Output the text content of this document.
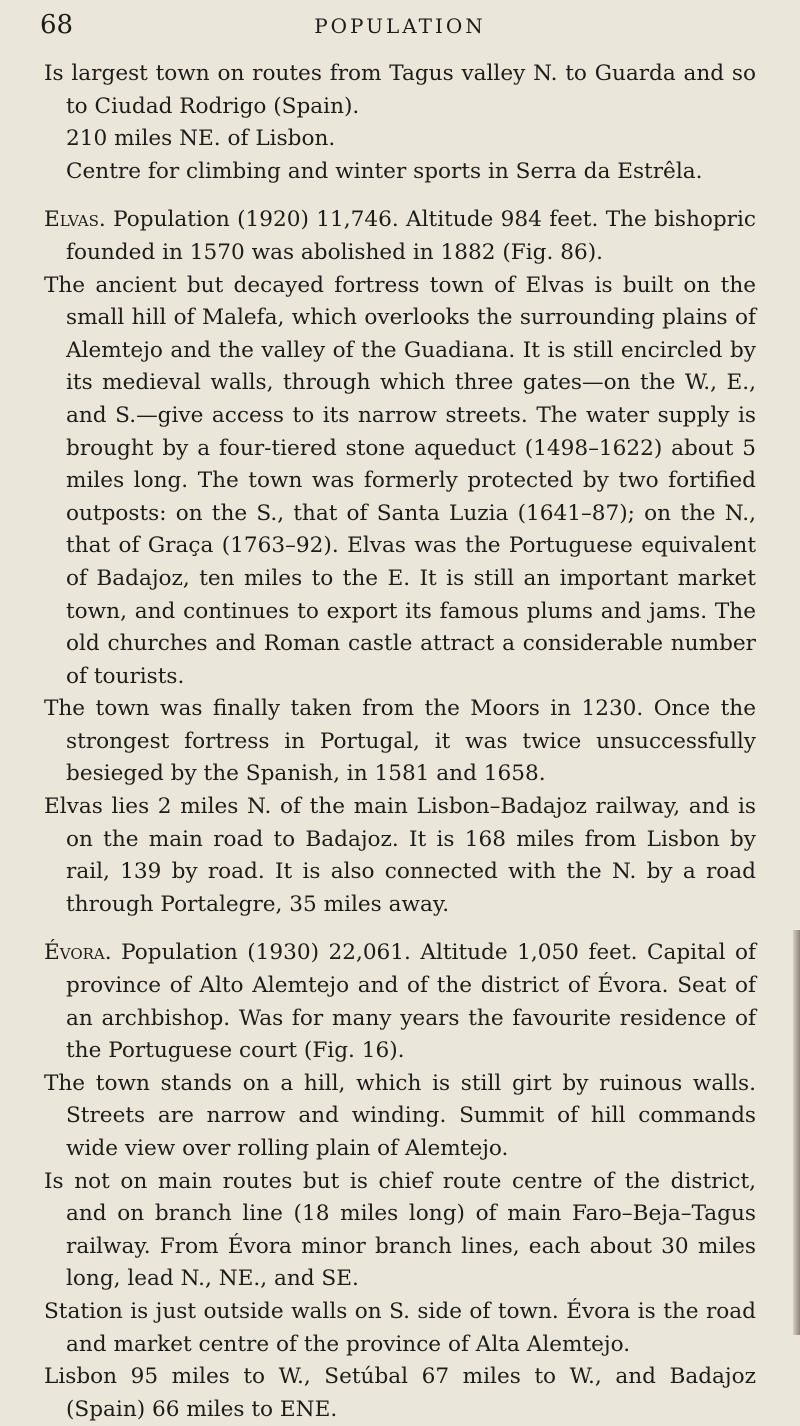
68	POPULATION

Is largest town on routes from Tagus valley N. to Guarda and so to Ciudad Rodrigo (Spain).

210 miles NE. of Lisbon.

Centre for climbing and winter sports in Serra da Estrêla.

Elvas. Population (1920) 11,746. Altitude 984 feet. The bishopric founded in 1570 was abolished in 1882 (Fig. 86).

The ancient but decayed fortress town of Elvas is built on the small hill of Malefa, which overlooks the surrounding plains of Alemtejo and the valley of the Guadiana. It is still encircled by its medieval walls, through which three gates—on the W., E., and S.—give access to its narrow streets. The water supply is brought by a four-tiered stone aqueduct (1498–1622) about 5 miles long. The town was formerly protected by two fortified outposts: on the S., that of Santa Luzia (1641–87); on the N., that of Graça (1763–92). Elvas was the Portuguese equivalent of Badajoz, ten miles to the E. It is still an important market town, and continues to export its famous plums and jams. The old churches and Roman castle attract a considerable number of tourists.

The town was finally taken from the Moors in 1230. Once the strongest fortress in Portugal, it was twice unsuccessfully besieged by the Spanish, in 1581 and 1658.

Elvas lies 2 miles N. of the main Lisbon–Badajoz railway, and is on the main road to Badajoz. It is 168 miles from Lisbon by rail, 139 by road. It is also connected with the N. by a road through Portalegre, 35 miles away.

Évora. Population (1930) 22,061. Altitude 1,050 feet. Capital of province of Alto Alemtejo and of the district of Évora. Seat of an archbishop. Was for many years the favourite residence of the Portuguese court (Fig. 16).

The town stands on a hill, which is still girt by ruinous walls. Streets are narrow and winding. Summit of hill commands wide view over rolling plain of Alemtejo.

Is not on main routes but is chief route centre of the district, and on branch line (18 miles long) of main Faro–Beja–Tagus railway. From Évora minor branch lines, each about 30 miles long, lead N., NE., and SE.

Station is just outside walls on S. side of town. Évora is the road and market centre of the province of Alta Alemtejo.

Lisbon 95 miles to W., Setúbal 67 miles to W., and Badajoz (Spain) 66 miles to ENE.
